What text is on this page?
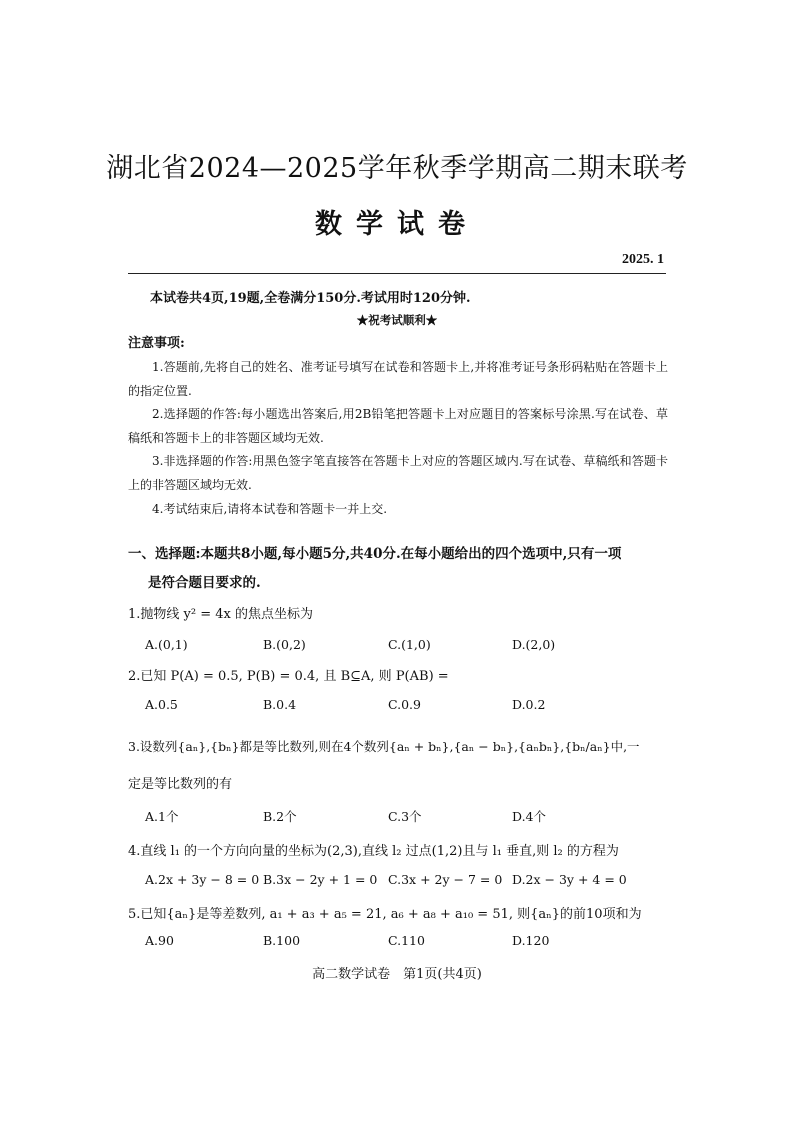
湖北省2024—2025学年秋季学期高二期末联考
数学试卷
2025. 1
本试卷共4页,19题,全卷满分150分.考试用时120分钟.
★祝考试顺利★
注意事项:

1.答题前,先将自己的姓名、准考证号填写在试卷和答题卡上,并将准考证号条形码粘贴在答题卡上的指定位置.

2.选择题的作答:每小题选出答案后,用2B铅笔把答题卡上对应题目的答案标号涂黑.写在试卷、草稿纸和答题卡上的非答题区域均无效.

3.非选择题的作答:用黑色签字笔直接答在答题卡上对应的答题区域内.写在试卷、草稿纸和答题卡上的非答题区域均无效.

4.考试结束后,请将本试卷和答题卡一并上交.

一、选择题:本题共8小题,每小题5分,共40分.在每小题给出的四个选项中,只有一项
是符合题目要求的.
1.抛物线 y² = 4x 的焦点坐标为
A.(0,1)	B.(0,2)	C.(1,0)	D.(2,0)
2.已知 P(A) = 0.5, P(B) = 0.4, 且 B⊆A, 则 P(AB) =
A.0.5	B.0.4	C.0.9	D.0.2
3.设数列{aₙ},{bₙ}都是等比数列,则在4个数列{aₙ + bₙ},{aₙ − bₙ},{aₙbₙ},{bₙ/aₙ}中,一
定是等比数列的有
A.1个	B.2个	C.3个	D.4个
4.直线 l₁ 的一个方向向量的坐标为(2,3),直线 l₂ 过点(1,2)且与 l₁ 垂直,则 l₂ 的方程为
A.2x + 3y − 8 = 0 B.3x − 2y + 1 = 0 C.3x + 2y − 7 = 0 D.2x − 3y + 4 = 0
5.已知{aₙ}是等差数列, a₁ + a₃ + a₅ = 21, a₆ + a₈ + a₁₀ = 51, 则{aₙ}的前10项和为
A.90	B.100	C.110	D.120
高二数学试卷　第1页(共4页)
